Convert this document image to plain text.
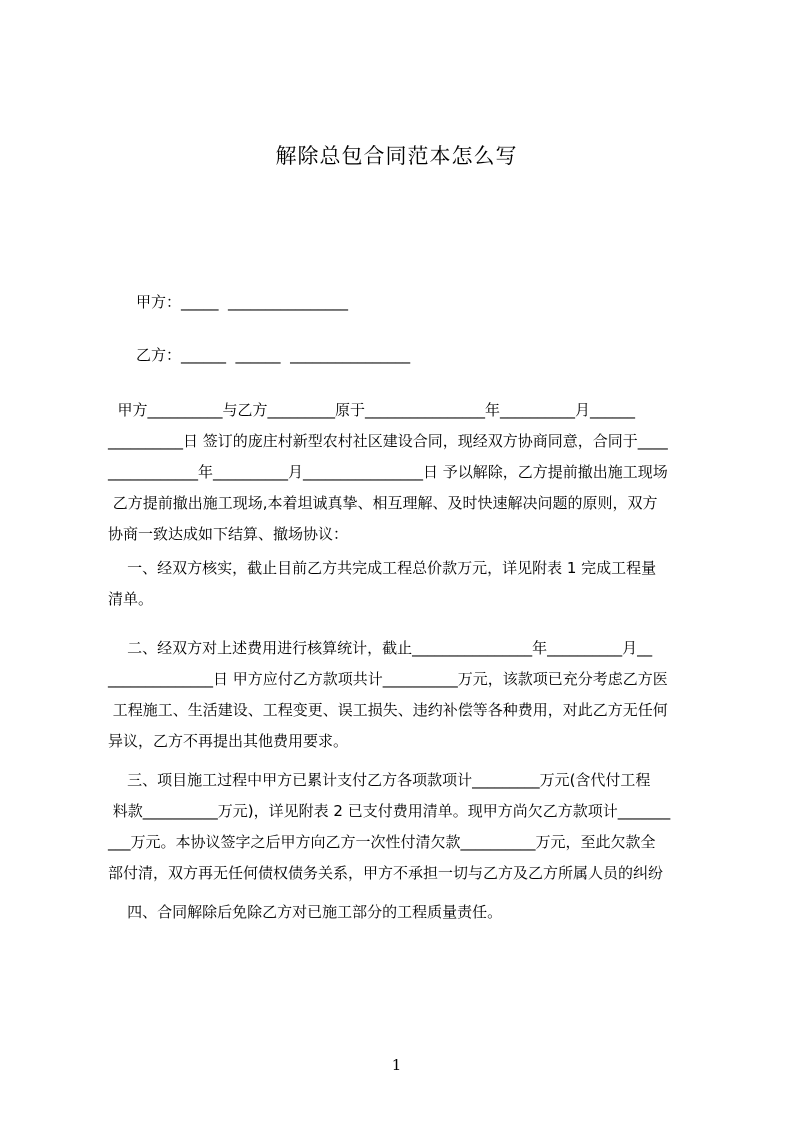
解除总包合同范本怎么写
甲方：_____  ________________
乙方：______  ______  ________________
甲方__________与乙方_________原于________________年__________月______
__________日 签订的庞庄村新型农村社区建设合同，现经双方协商同意，合同于____
____________年__________月________________日 予以解除，乙方提前撤出施工现场
乙方提前撤出施工现场,本着坦诚真挚、相互理解、及时快速解决问题的原则，双方
协商一致达成如下结算、撤场协议：
一、经双方核实，截止目前乙方共完成工程总价款万元，详见附表 1 完成工程量
清单。
二、经双方对上述费用进行核算统计，截止________________年__________月__
______________日 甲方应付乙方款项共计__________万元，该款项已充分考虑乙方医
工程施工、生活建设、工程变更、误工损失、违约补偿等各种费用，对此乙方无任何
异议，乙方不再提出其他费用要求。
三、项目施工过程中甲方已累计支付乙方各项款项计_________万元(含代付工程
料款__________万元)，详见附表 2 已支付费用清单。现甲方尚欠乙方款项计_______
___万元。本协议签字之后甲方向乙方一次性付清欠款__________万元，至此欠款全
部付清，双方再无任何债权债务关系，甲方不承担一切与乙方及乙方所属人员的纠纷
四、合同解除后免除乙方对已施工部分的工程质量责任。
1
